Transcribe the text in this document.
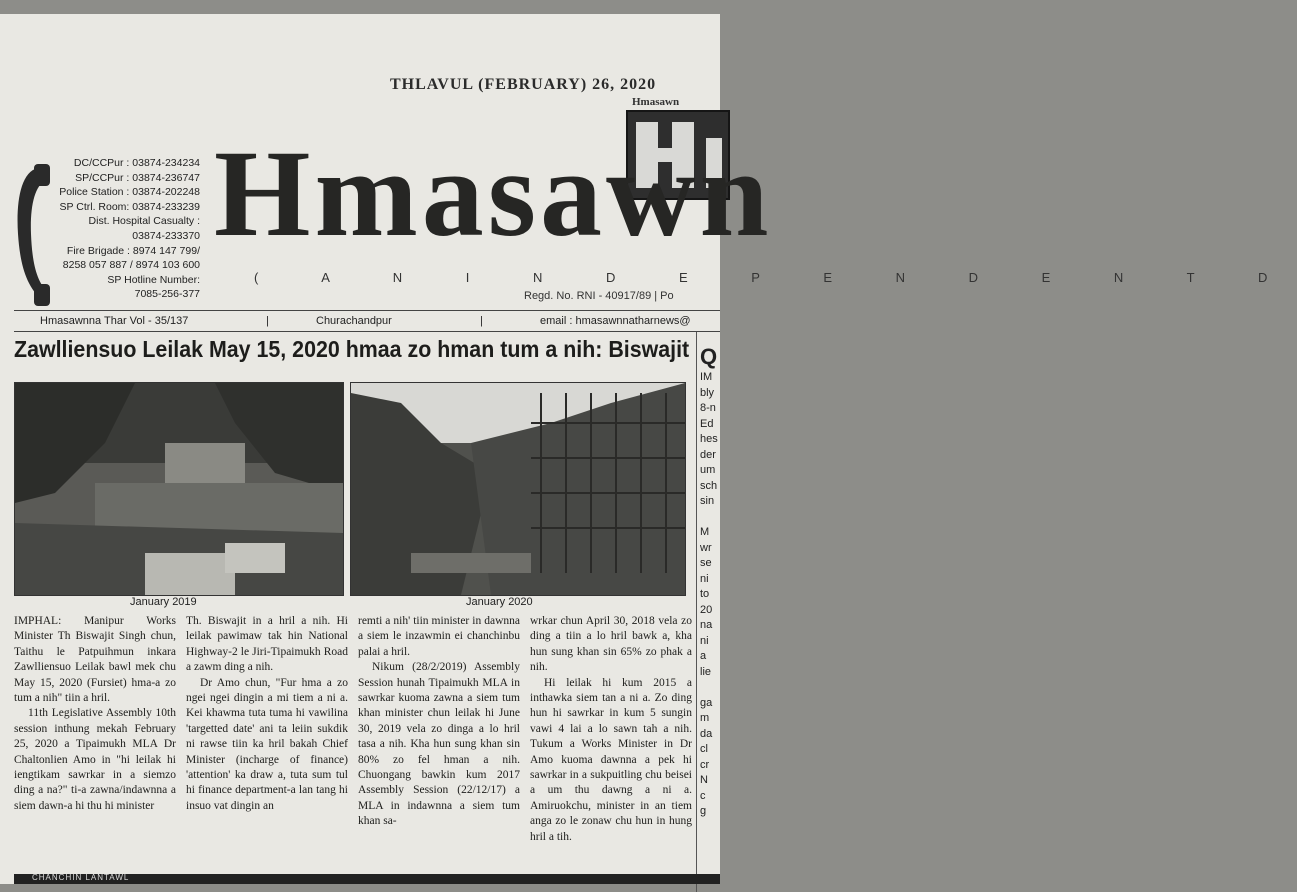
THLAVUL (FEBRUARY) 26, 2020
Hmasawn
DC/CCPur : 03874-234234
SP/CCPur : 03874-236747
Police Station : 03874-202248
SP Ctrl. Room: 03874-233239
Dist. Hospital Casualty :
03874-233370
Fire Brigade : 8974 147 799/
8258 057 887 / 8974 103 600
SP Hotline Number:
7085-256-377
Hmasawn
( A N I N D E P E N D E N T D
Regd. No. RNI - 40917/89 | Po
Hmasawnna Thar Vol - 35/137	|	Churachandpur	|	email : hmasawnnatharnews@
Zawlliensuo Leilak May 15, 2020 hmaa zo hman tum a nih: Biswajit
January 2019	January 2020

IMPHAL: Manipur Works Minister Th Biswajit Singh chun, Taithu le Patpuihmun inkara Zawlliensuo Leilak bawl mek chu May 15, 2020 (Fursiet) hma-a zo tum a nih" tiin a hril.

11th Legislative Assembly 10th session inthung mekah February 25, 2020 a Tipaimukh MLA Dr Chaltonlien Amo in "hi leilak hi iengtikam sawrkar in a siemzo ding a na?" ti-a zawna/indawnna a siem dawn-a hi thu hi minister

Th. Biswajit in a hril a nih. Hi leilak pawimaw tak hin National Highway-2 le Jiri-Tipaimukh Road a zawm ding a nih.

Dr Amo chun, "Fur hma a zo ngei ngei dingin a mi tiem a ni a. Kei khawma tuta tuma hi vawilina 'targetted date' ani ta leiin sukdik ni rawse tiin ka hril bakah Chief Minister (incharge of finance) 'attention' ka draw a, tuta sum tul hi finance department-a lan tang hi insuo vat dingin an

remti a nih' tiin minister in dawnna a siem le inzawmin ei chanchinbu palai a hril.

Nikum (28/2/2019) Assembly Session hunah Tipaimukh MLA in sawrkar kuoma zawna a siem tum khan minister chun leilak hi June 30, 2019 vela zo dinga a lo hril tasa a nih. Kha hun sung khan sin 80% zo fel hman a nih. Chuongang bawkin kum 2017 Assembly Session (22/12/17) a MLA in indawnna a siem tum khan sa-

wrkar chun April 30, 2018 vela zo ding a tiin a lo hril bawk a, kha hun sung khan sin 65% zo phak a nih.

Hi leilak hi kum 2015 a inthawka siem tan a ni a. Zo ding hun hi sawrkar in kum 5 sungin vawi 4 lai a lo sawn tah a nih. Tukum a Works Minister in Dr Amo kuoma dawnna a pek hi sawrkar in a sukpuitling chu beisei a um thu dawng a ni a. Amiruokchu, minister in an tiem anga zo le zonaw chu hun in hung hril a tih.

Q
IM
bly
8-n
Ed
hes
der
um
sch
sin

M
wr
se
ni
to
20
na
ni
a
lie

ga
m
da
cl
cr
N
c
g
CHANCHIN LANTAWL
